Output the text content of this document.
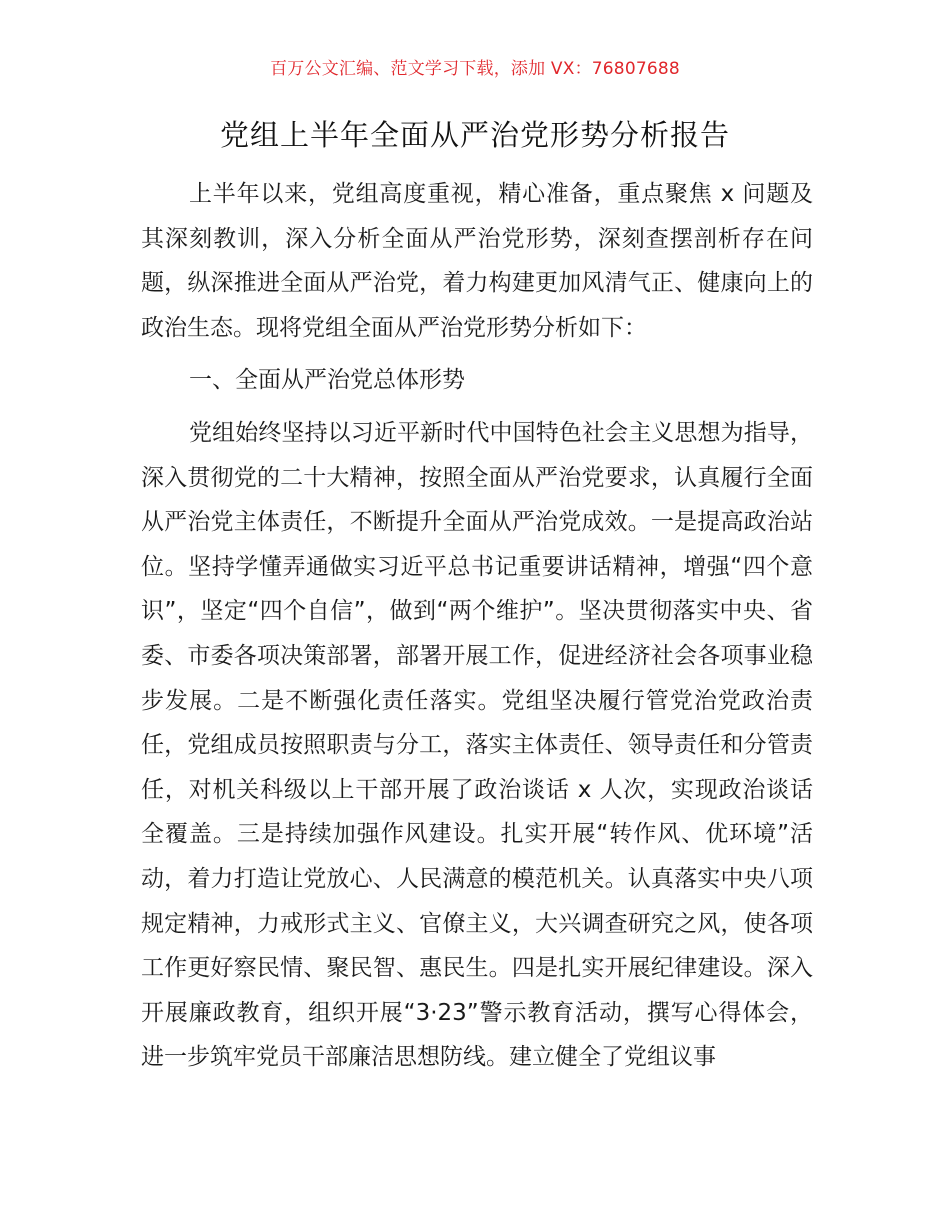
百万公文汇编、范文学习下载，添加 VX：76807688
党组上半年全面从严治党形势分析报告

上半年以来，党组高度重视，精心准备，重点聚焦 x 问题及其深刻教训，深入分析全面从严治党形势，深刻查摆剖析存在问题，纵深推进全面从严治党，着力构建更加风清气正、健康向上的政治生态。现将党组全面从严治党形势分析如下：

一、全面从严治党总体形势

党组始终坚持以习近平新时代中国特色社会主义思想为指导，深入贯彻党的二十大精神，按照全面从严治党要求，认真履行全面从严治党主体责任，不断提升全面从严治党成效。一是提高政治站位。坚持学懂弄通做实习近平总书记重要讲话精神，增强“四个意识”，坚定“四个自信”，做到“两个维护”。坚决贯彻落实中央、省委、市委各项决策部署，部署开展工作，促进经济社会各项事业稳步发展。二是不断强化责任落实。党组坚决履行管党治党政治责任，党组成员按照职责与分工，落实主体责任、领导责任和分管责任，对机关科级以上干部开展了政治谈话 x 人次，实现政治谈话全覆盖。三是持续加强作风建设。扎实开展“转作风、优环境”活动，着力打造让党放心、人民满意的模范机关。认真落实中央八项规定精神，力戒形式主义、官僚主义，大兴调查研究之风，使各项工作更好察民情、聚民智、惠民生。四是扎实开展纪律建设。深入开展廉政教育，组织开展“3·23”警示教育活动，撰写心得体会，进一步筑牢党员干部廉洁思想防线。建立健全了党组议事
